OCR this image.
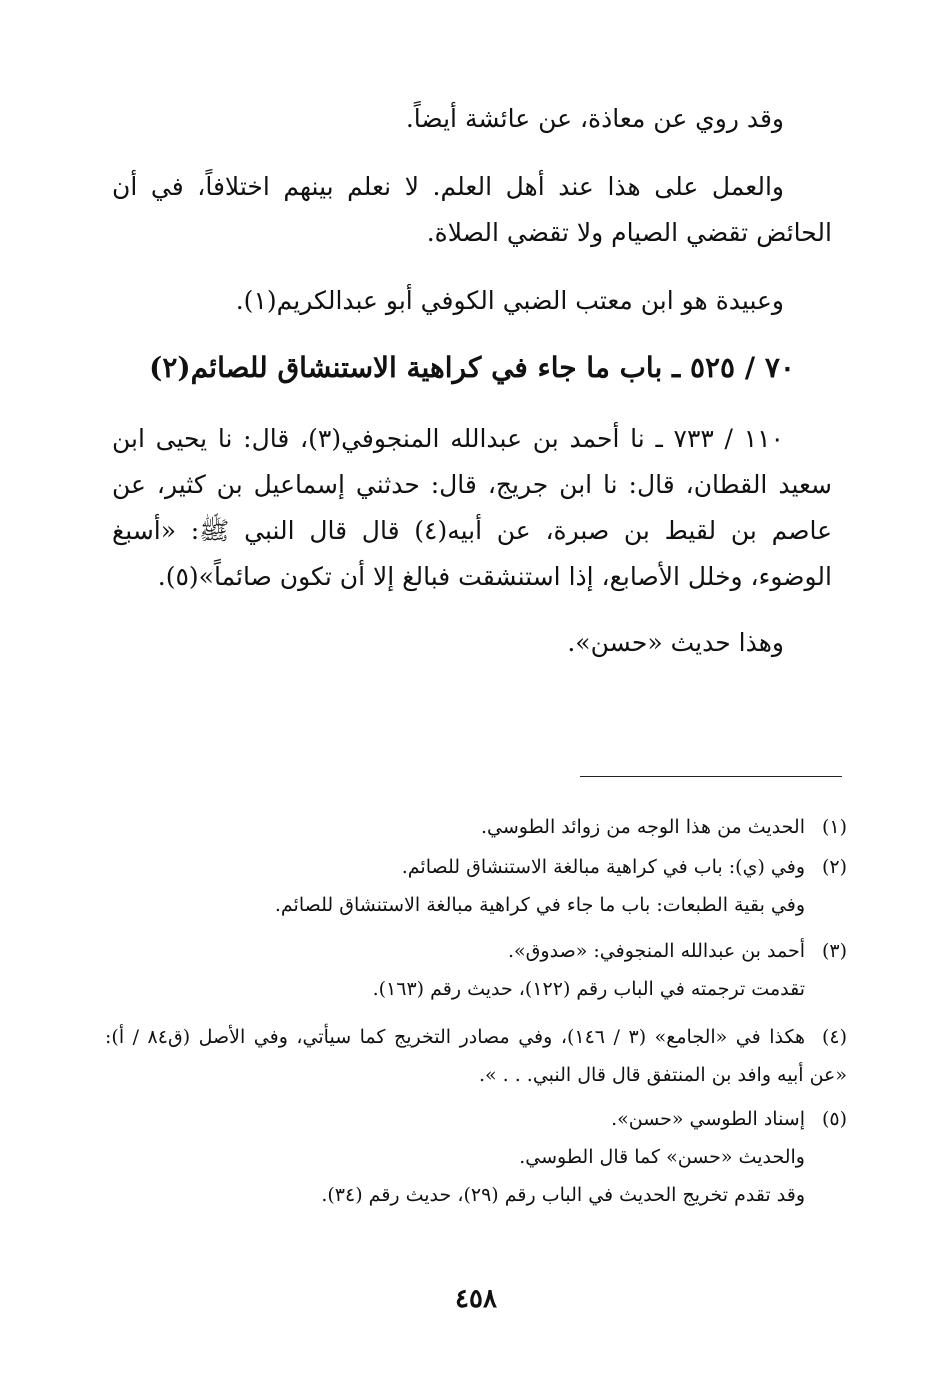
وقد روي عن معاذة، عن عائشة أيضاً.

والعمل على هذا عند أهل العلم. لا نعلم بينهم اختلافاً، في أن الحائض تقضي الصيام ولا تقضي الصلاة.

وعبيدة هو ابن معتب الضبي الكوفي أبو عبدالكريم(١).

٧٠ / ٥٢٥ ـ باب ما جاء في كراهية الاستنشاق للصائم(٢)

١١٠ / ٧٣٣ ـ نا أحمد بن عبدالله المنجوفي(٣)، قال: نا يحيى ابن سعيد القطان، قال: نا ابن جريج، قال: حدثني إسماعيل بن كثير، عن عاصم بن لقيط بن صبرة، عن أبيه(٤) قال قال النبي ﷺ: «أسبغ الوضوء، وخلل الأصابع، إذا استنشقت فبالغ إلا أن تكون صائماً»(٥).

وهذا حديث «حسن».

(١)الحديث من هذا الوجه من زوائد الطوسي.
(٢)وفي (ي): باب في كراهية مبالغة الاستنشاق للصائم.
وفي بقية الطبعات: باب ما جاء في كراهية مبالغة الاستنشاق للصائم.
(٣)أحمد بن عبدالله المنجوفي: «صدوق».
تقدمت ترجمته في الباب رقم (١٢٢)، حديث رقم (١٦٣).
(٤)هكذا في «الجامع» (٣ / ١٤٦)، وفي مصادر التخريج كما سيأتي، وفي الأصل (ق٨٤ / أ): «عن أبيه وافد بن المنتفق قال قال النبي. . . ».
(٥)إسناد الطوسي «حسن».
والحديث «حسن» كما قال الطوسي.
وقد تقدم تخريج الحديث في الباب رقم (٢٩)، حديث رقم (٣٤).
٤٥٨
